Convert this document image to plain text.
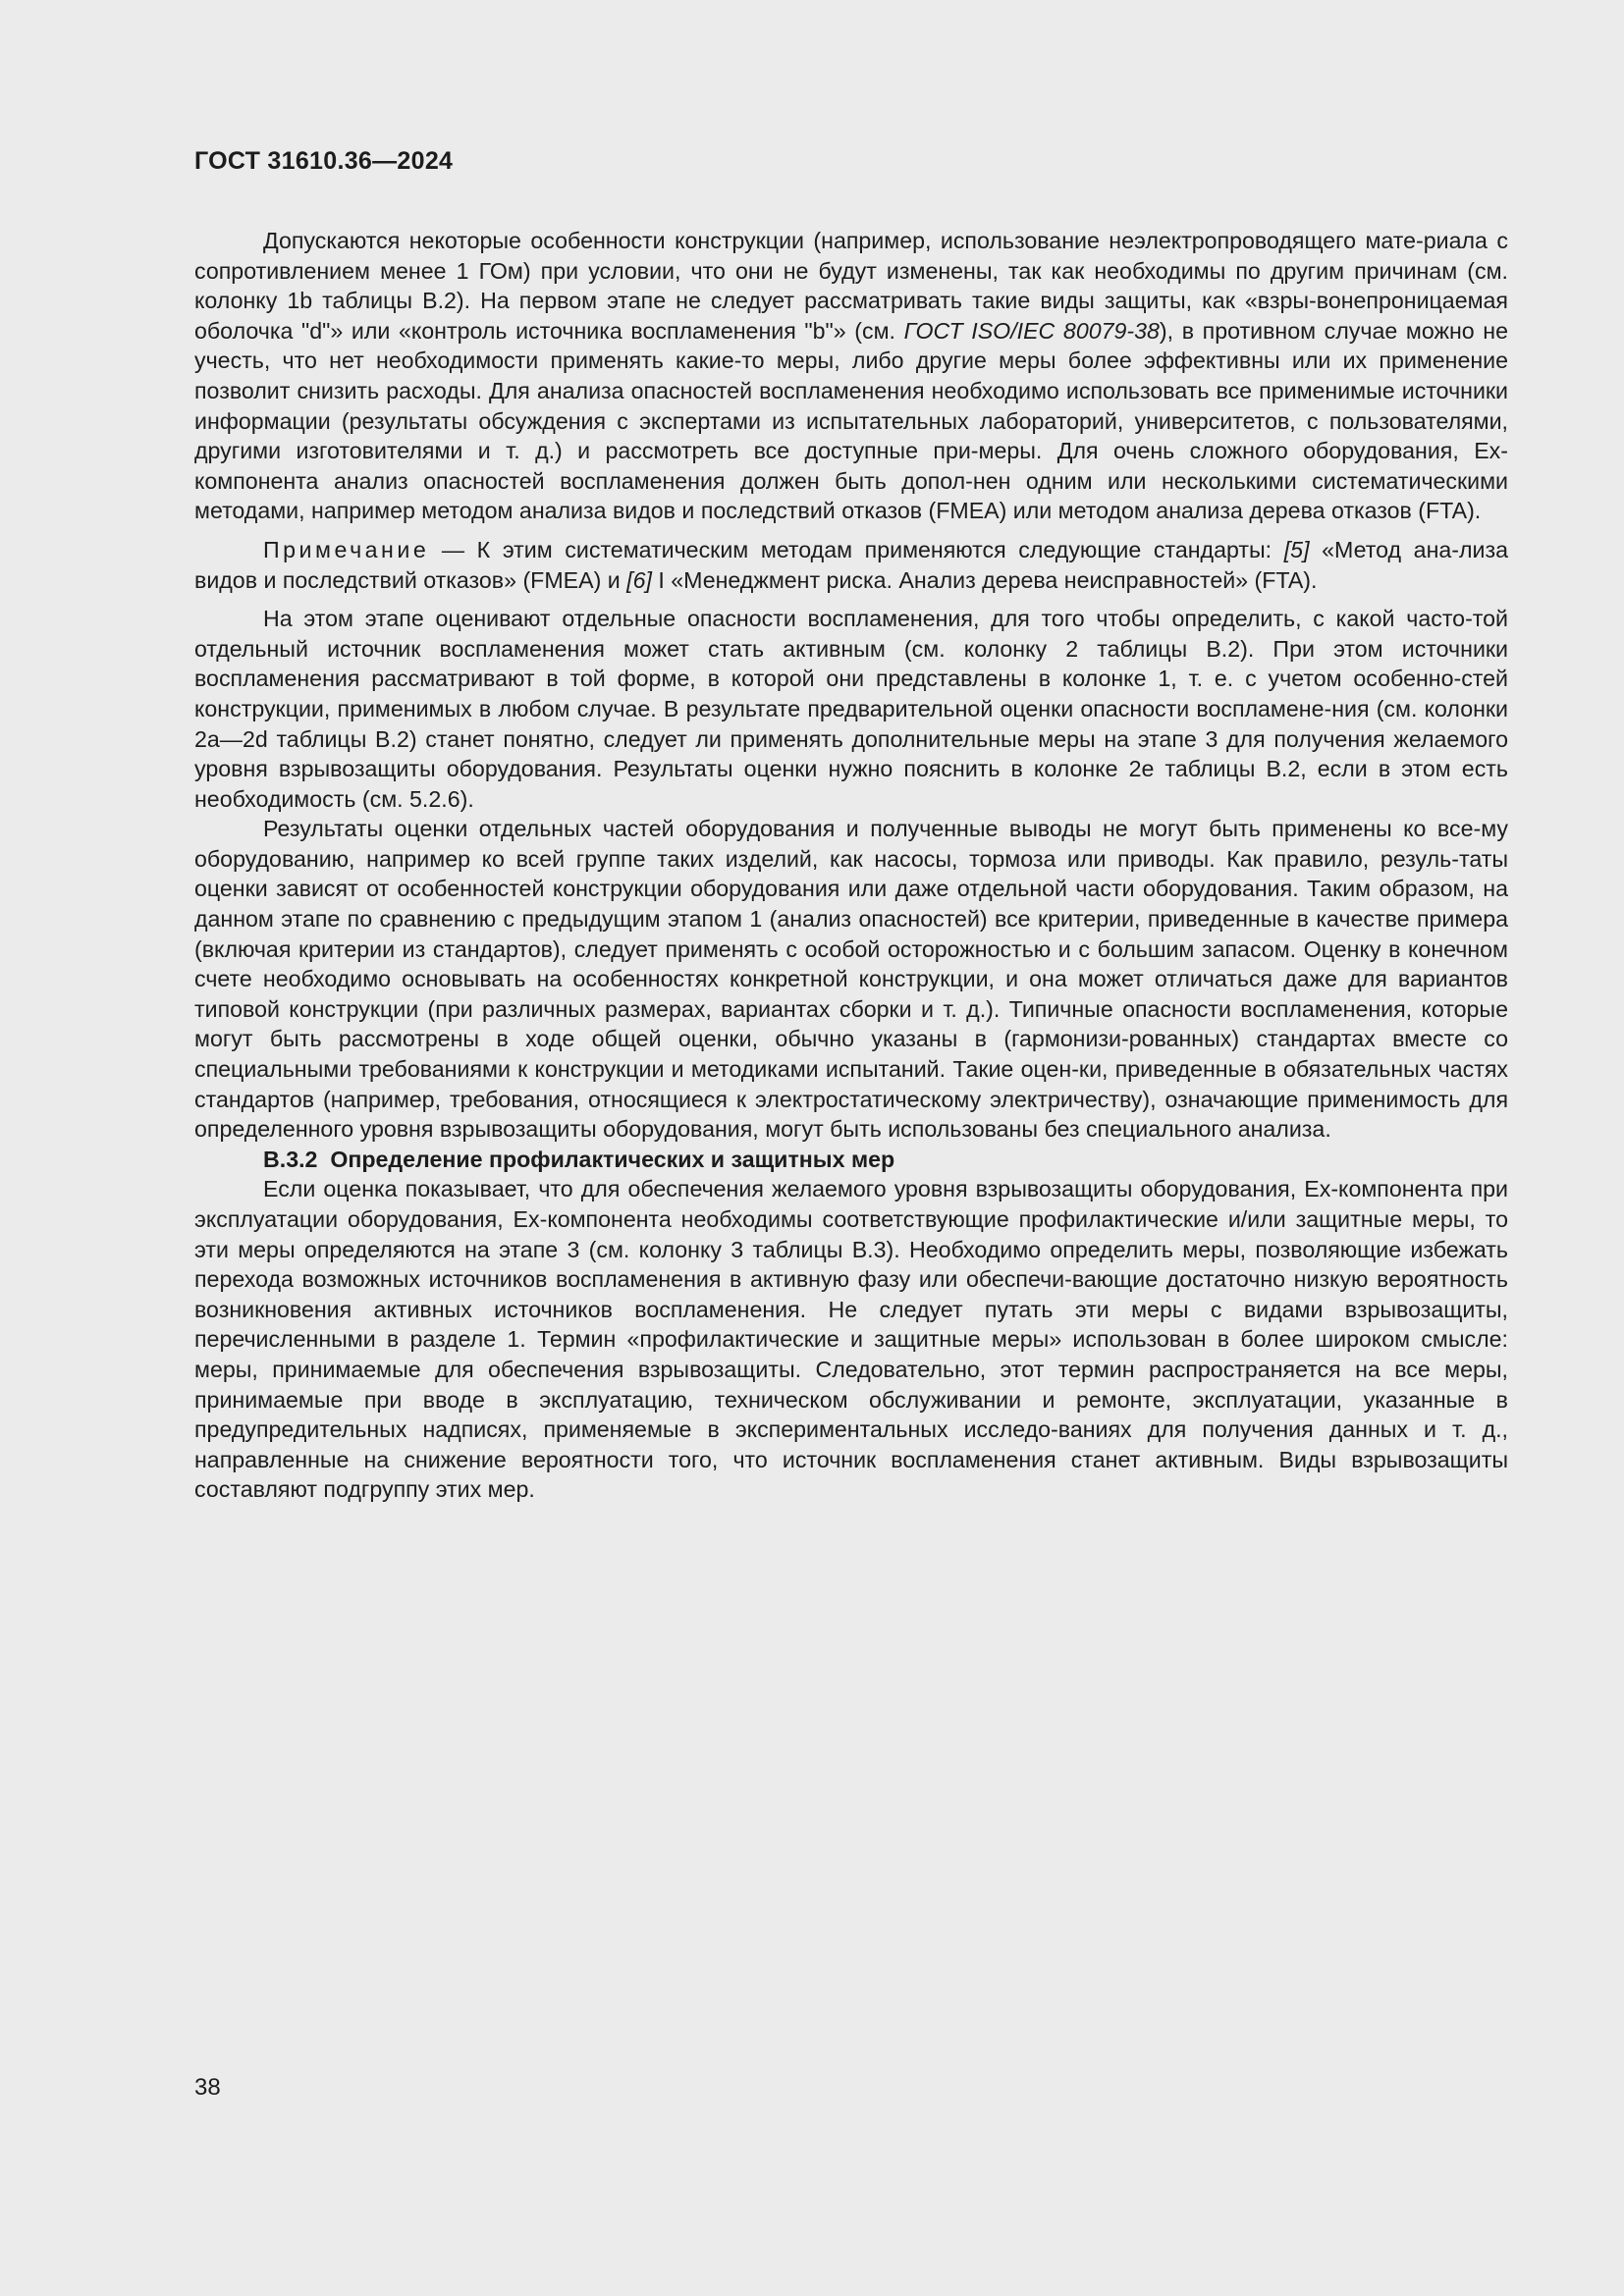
ГОСТ 31610.36—2024

Допускаются некоторые особенности конструкции (например, использование неэлектропроводящего мате-риала с сопротивлением менее 1 ГОм) при условии, что они не будут изменены, так как необходимы по другим причинам (см. колонку 1b таблицы В.2). На первом этапе не следует рассматривать такие виды защиты, как «взры-вонепроницаемая оболочка "d"» или «контроль источника воспламенения "b"» (см. ГОСТ ISO/IEC 80079-38), в противном случае можно не учесть, что нет необходимости применять какие-то меры, либо другие меры более эффективны или их применение позволит снизить расходы. Для анализа опасностей воспламенения необходимо использовать все применимые источники информации (результаты обсуждения с экспертами из испытательных лабораторий, университетов, с пользователями, другими изготовителями и т. д.) и рассмотреть все доступные при-меры. Для очень сложного оборудования, Ex-компонента анализ опасностей воспламенения должен быть допол-нен одним или несколькими систематическими методами, например методом анализа видов и последствий отказов (FMEA) или методом анализа дерева отказов (FTA).

Примечание — К этим систематическим методам применяются следующие стандарты: [5] «Метод ана-лиза видов и последствий отказов» (FMEA) и [6] I «Менеджмент риска. Анализ дерева неисправностей» (FTA).

На этом этапе оценивают отдельные опасности воспламенения, для того чтобы определить, с какой часто-той отдельный источник воспламенения может стать активным (см. колонку 2 таблицы В.2). При этом источники воспламенения рассматривают в той форме, в которой они представлены в колонке 1, т. е. с учетом особенно-стей конструкции, применимых в любом случае. В результате предварительной оценки опасности воспламене-ния (см. колонки 2а—2d таблицы В.2) станет понятно, следует ли применять дополнительные меры на этапе 3 для получения желаемого уровня взрывозащиты оборудования. Результаты оценки нужно пояснить в колонке 2е таблицы В.2, если в этом есть необходимость (см. 5.2.6).

Результаты оценки отдельных частей оборудования и полученные выводы не могут быть применены ко все-му оборудованию, например ко всей группе таких изделий, как насосы, тормоза или приводы. Как правило, резуль-таты оценки зависят от особенностей конструкции оборудования или даже отдельной части оборудования. Таким образом, на данном этапе по сравнению с предыдущим этапом 1 (анализ опасностей) все критерии, приведенные в качестве примера (включая критерии из стандартов), следует применять с особой осторожностью и с большим запасом. Оценку в конечном счете необходимо основывать на особенностях конкретной конструкции, и она может отличаться даже для вариантов типовой конструкции (при различных размерах, вариантах сборки и т. д.). Типичные опасности воспламенения, которые могут быть рассмотрены в ходе общей оценки, обычно указаны в (гармонизи-рованных) стандартах вместе со специальными требованиями к конструкции и методиками испытаний. Такие оцен-ки, приведенные в обязательных частях стандартов (например, требования, относящиеся к электростатическому электричеству), означающие применимость для определенного уровня взрывозащиты оборудования, могут быть использованы без специального анализа.

В.3.2 Определение профилактических и защитных мер

Если оценка показывает, что для обеспечения желаемого уровня взрывозащиты оборудования, Ex-компонента при эксплуатации оборудования, Ex-компонента необходимы соответствующие профилактические и/или защитные меры, то эти меры определяются на этапе 3 (см. колонку 3 таблицы В.3). Необходимо определить меры, позволяющие избежать перехода возможных источников воспламенения в активную фазу или обеспечи-вающие достаточно низкую вероятность возникновения активных источников воспламенения. Не следует путать эти меры с видами взрывозащиты, перечисленными в разделе 1. Термин «профилактические и защитные меры» использован в более широком смысле: меры, принимаемые для обеспечения взрывозащиты. Следовательно, этот термин распространяется на все меры, принимаемые при вводе в эксплуатацию, техническом обслуживании и ремонте, эксплуатации, указанные в предупредительных надписях, применяемые в экспериментальных исследо-ваниях для получения данных и т. д., направленные на снижение вероятности того, что источник воспламенения станет активным. Виды взрывозащиты составляют подгруппу этих мер.

38
